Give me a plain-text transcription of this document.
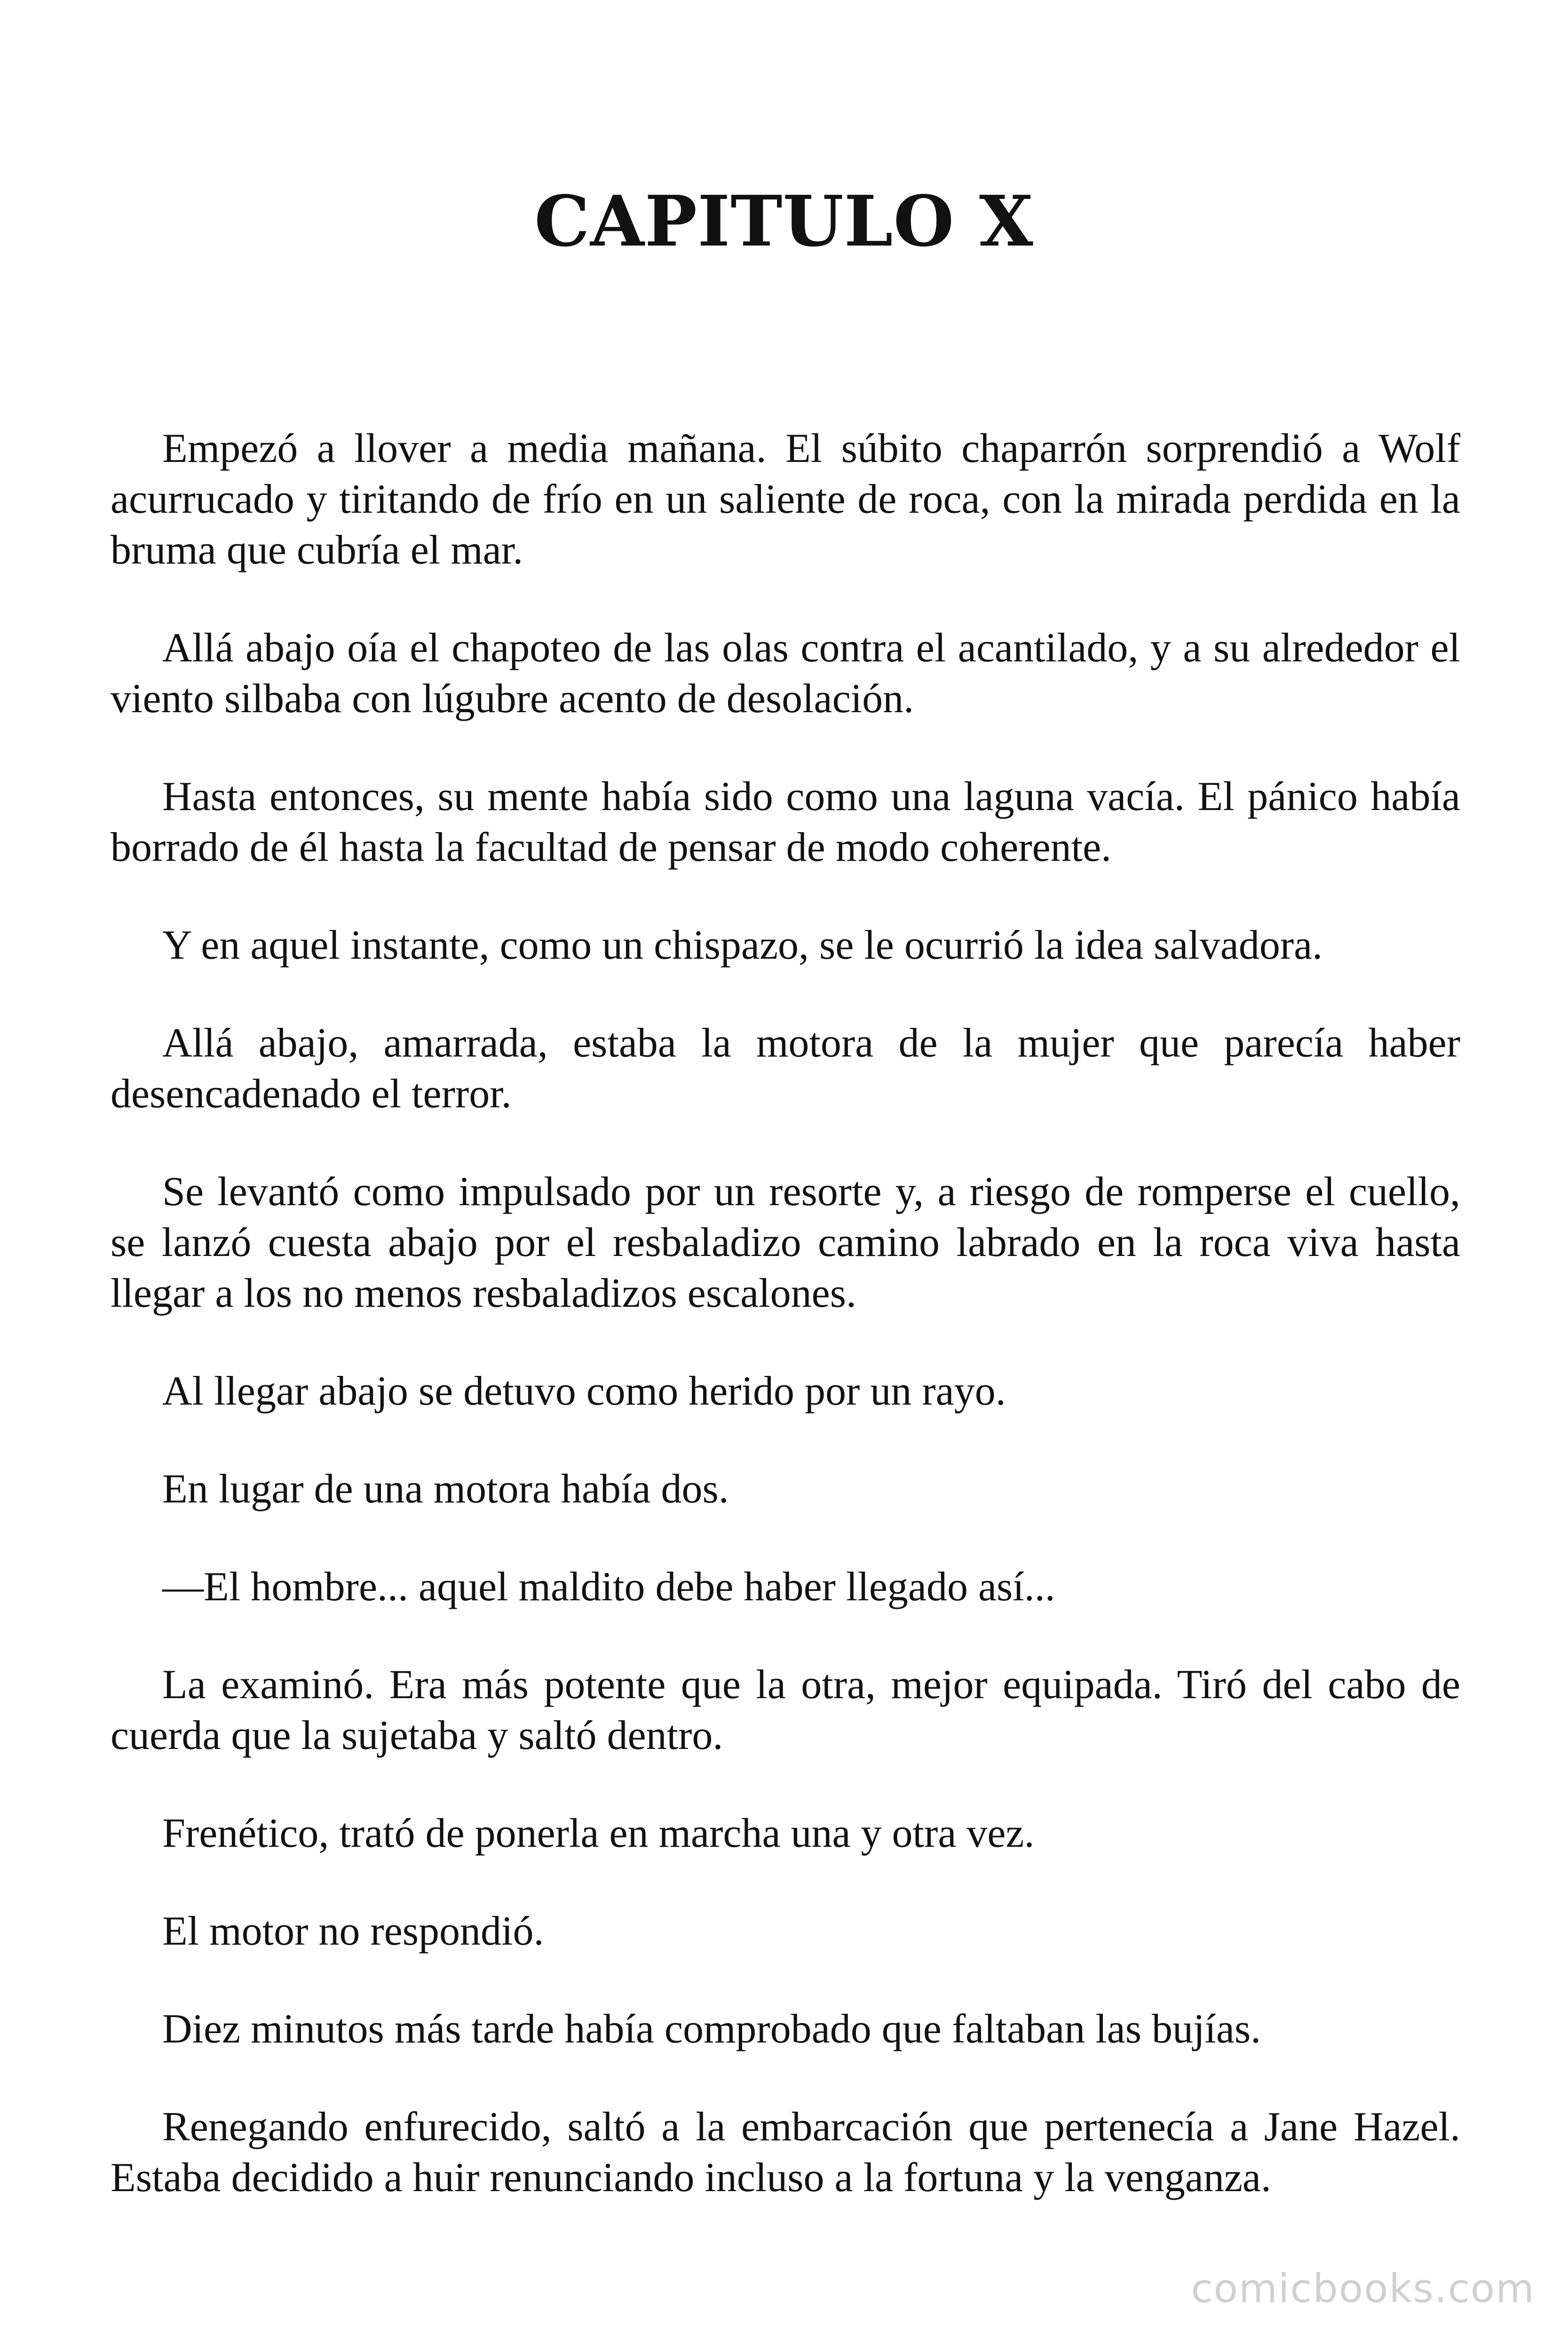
CAPITULO X

Empezó a llover a media mañana. El súbito chaparrón sorprendió a Wolf acurrucado y tiritando de frío en un saliente de roca, con la mirada perdida en la bruma que cubría el mar.

Allá abajo oía el chapoteo de las olas contra el acantilado, y a su alrededor el viento silbaba con lúgubre acento de desolación.

Hasta entonces, su mente había sido como una laguna vacía. El pánico había borrado de él hasta la facultad de pensar de modo coherente.

Y en aquel instante, como un chispazo, se le ocurrió la idea salvadora.

Allá abajo, amarrada, estaba la motora de la mujer que parecía haber desencadenado el terror.

Se levantó como impulsado por un resorte y, a riesgo de romperse el cuello, se lanzó cuesta abajo por el resbaladizo camino labrado en la roca viva hasta llegar a los no menos resbaladizos escalones.

Al llegar abajo se detuvo como herido por un rayo.

En lugar de una motora había dos.

—El hombre... aquel maldito debe haber llegado así...

La examinó. Era más potente que la otra, mejor equipada. Tiró del cabo de cuerda que la sujetaba y saltó dentro.

Frenético, trató de ponerla en marcha una y otra vez.

El motor no respondió.

Diez minutos más tarde había comprobado que faltaban las bujías.

Renegando enfurecido, saltó a la embarcación que pertenecía a Jane Hazel. Estaba decidido a huir renunciando incluso a la fortuna y la venganza.

comicbooks.com
